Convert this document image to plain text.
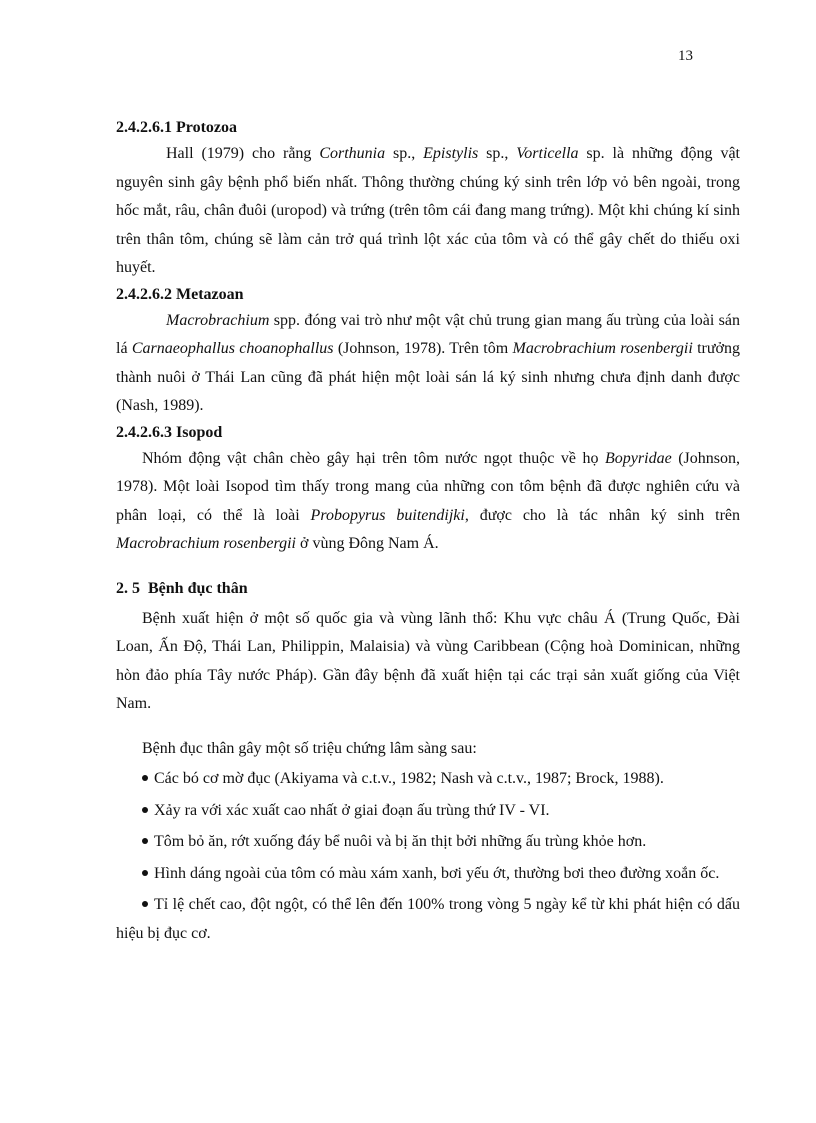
13
2.4.2.6.1 Protozoa

Hall (1979) cho rằng Corthunia sp., Epistylis sp., Vorticella sp. là những động vật nguyên sinh gây bệnh phổ biến nhất. Thông thường chúng ký sinh trên lớp vỏ bên ngoài, trong hốc mắt, râu, chân đuôi (uropod) và trứng (trên tôm cái đang mang trứng). Một khi chúng kí sinh trên thân tôm, chúng sẽ làm cản trở quá trình lột xác của tôm và có thể gây chết do thiếu oxi huyết.

2.4.2.6.2 Metazoan

Macrobrachium spp. đóng vai trò như một vật chủ trung gian mang ấu trùng của loài sán lá Carnaeophallus choanophallus (Johnson, 1978). Trên tôm Macrobrachium rosenbergii trưởng thành nuôi ở Thái Lan cũng đã phát hiện một loài sán lá ký sinh nhưng chưa định danh được (Nash, 1989).

2.4.2.6.3 Isopod

Nhóm động vật chân chèo gây hại trên tôm nước ngọt thuộc về họ Bopyridae (Johnson, 1978). Một loài Isopod tìm thấy trong mang của những con tôm bệnh đã được nghiên cứu và phân loại, có thể là loài Probopyrus buitendijki, được cho là tác nhân ký sinh trên Macrobrachium rosenbergii ở vùng Đông Nam Á.

2. 5 Bệnh đục thân

Bệnh xuất hiện ở một số quốc gia và vùng lãnh thổ: Khu vực châu Á (Trung Quốc, Đài Loan, Ấn Độ, Thái Lan, Philippin, Malaisia) và vùng Caribbean (Cộng hoà Dominican, những hòn đảo phía Tây nước Pháp). Gần đây bệnh đã xuất hiện tại các trại sản xuất giống của Việt Nam.

Bệnh đục thân gây một số triệu chứng lâm sàng sau:

Các bó cơ mờ đục (Akiyama và c.t.v., 1982; Nash và c.t.v., 1987; Brock, 1988).

Xảy ra với xác xuất cao nhất ở giai đoạn ấu trùng thứ IV - VI.

Tôm bỏ ăn, rớt xuống đáy bể nuôi và bị ăn thịt bởi những ấu trùng khỏe hơn.

Hình dáng ngoài của tôm có màu xám xanh, bơi yếu ớt, thường bơi theo đường xoắn ốc.

Tỉ lệ chết cao, đột ngột, có thể lên đến 100% trong vòng 5 ngày kể từ khi phát hiện có dấu hiệu bị đục cơ.
